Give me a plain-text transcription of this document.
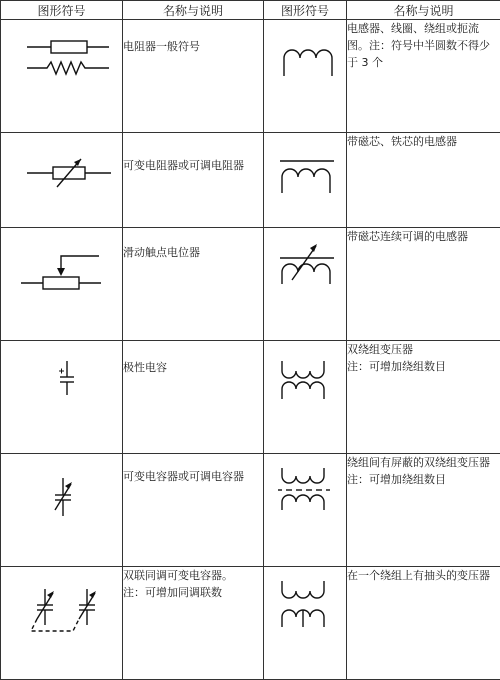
图形符号	名称与说明	图形符号	名称与说明

电阻器一般符号		电感器、线圈、绕组或扼流图。注：符号中半圆数不得少于 3 个

可变电阻器或可调电阻器		带磁芯、铁芯的电感器

滑动触点电位器		带磁芯连续可调的电感器

极性电容		双绕组变压器
注：可增加绕组数目

可变电容器或可调电容器		绕组间有屏蔽的双绕组变压器
注：可增加绕组数目

双联同调可变电容器。
注：可增加同调联数		在一个绕组上有抽头的变压器
